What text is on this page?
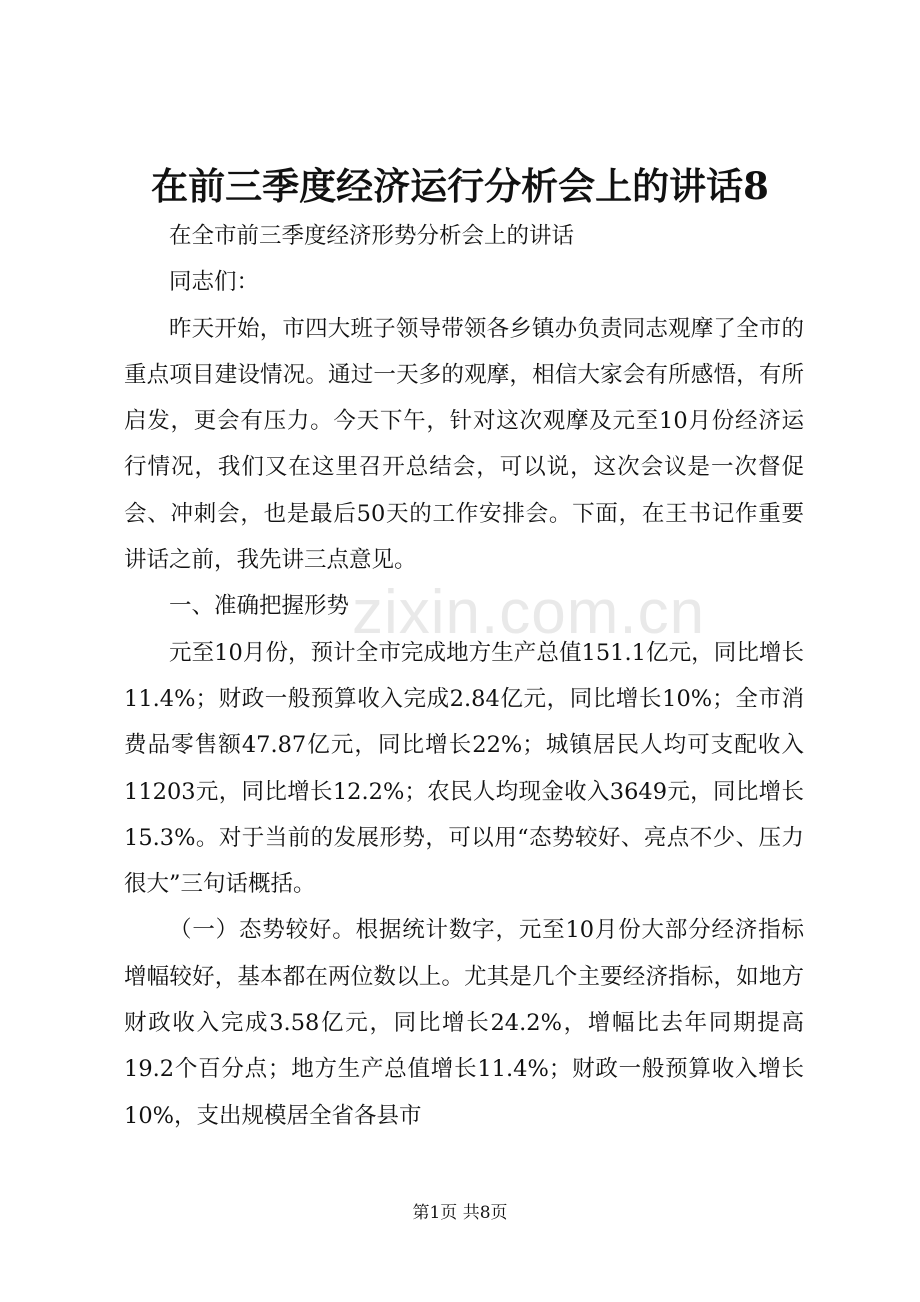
zixin.com.cn
在前三季度经济运行分析会上的讲话8

在全市前三季度经济形势分析会上的讲话

同志们：

昨天开始，市四大班子领导带领各乡镇办负责同志观摩了全市的重点项目建设情况。通过一天多的观摩，相信大家会有所感悟，有所启发，更会有压力。今天下午，针对这次观摩及元至10月份经济运行情况，我们又在这里召开总结会，可以说，这次会议是一次督促会、冲刺会，也是最后50天的工作安排会。下面，在王书记作重要讲话之前，我先讲三点意见。

一、准确把握形势

元至10月份，预计全市完成地方生产总值151.1亿元，同比增长11.4%；财政一般预算收入完成2.84亿元，同比增长10%；全市消费品零售额47.87亿元，同比增长22%；城镇居民人均可支配收入11203元，同比增长12.2%；农民人均现金收入3649元，同比增长15.3%。对于当前的发展形势，可以用“态势较好、亮点不少、压力很大”三句话概括。

（一）态势较好。根据统计数字，元至10月份大部分经济指标增幅较好，基本都在两位数以上。尤其是几个主要经济指标，如地方财政收入完成3.58亿元，同比增长24.2%，增幅比去年同期提高19.2个百分点；地方生产总值增长11.4%；财政一般预算收入增长10%，支出规模居全省各县市

第1页 共8页
